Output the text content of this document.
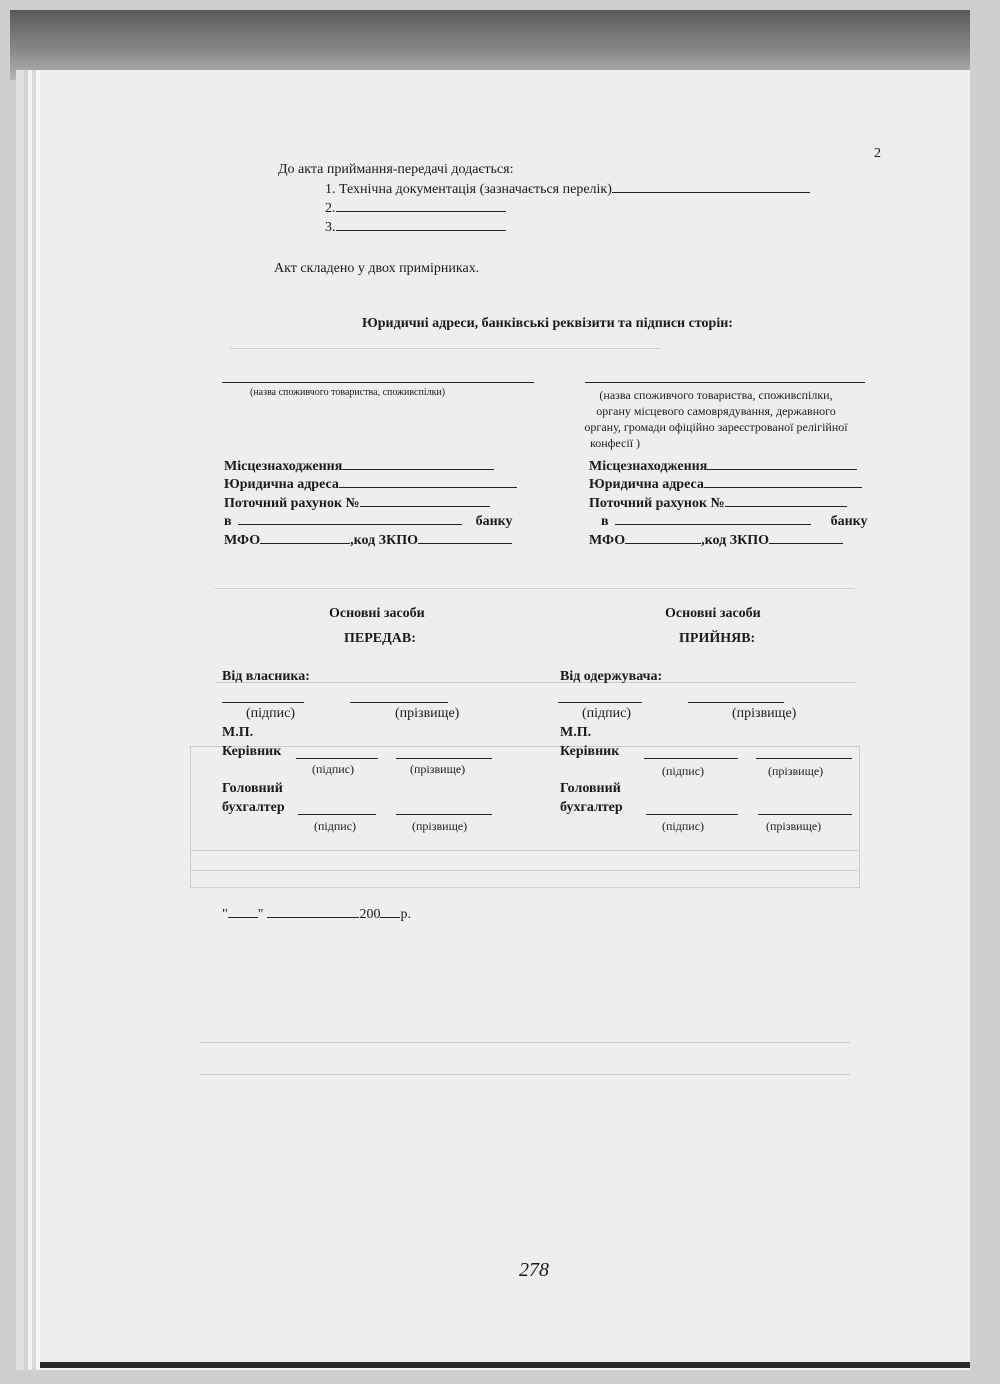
2
До акта приймання-передачі додається:
1. Технічна документація (зазначається перелік)
2.
3.
Акт складено у двох примірниках.
Юридичні адреси, банківські реквізити та підписи сторін:
(назва споживчого товариства, споживспілки)	(назва споживчого товариства, споживспілки,
органу місцевого самоврядування, державного
органу, громади офіційно зареєстрованої релігійної
конфесії )
Місцезнаходження
Юридична адреса
Поточний рахунок №
в	банку
МФО	,код ЗКПО
Місцезнаходження
Юридична адреса
Поточний рахунок №
в	банку
МФО	,код ЗКПО
Основні засоби
ПЕРЕДАВ:
Основні засоби
ПРИЙНЯВ:
Від власника:
(підпис)	(прізвище)
М.П.
Керівник
(підпис)	(прізвище)
Головний
бухгалтер
(підпис)	(прізвище)
Від одержувача:
(підпис)	(прізвище)
М.П.
Керівник
(підпис)	(прізвище)
Головний
бухгалтер
(підпис)	(прізвище)
" "	200 р.
278
